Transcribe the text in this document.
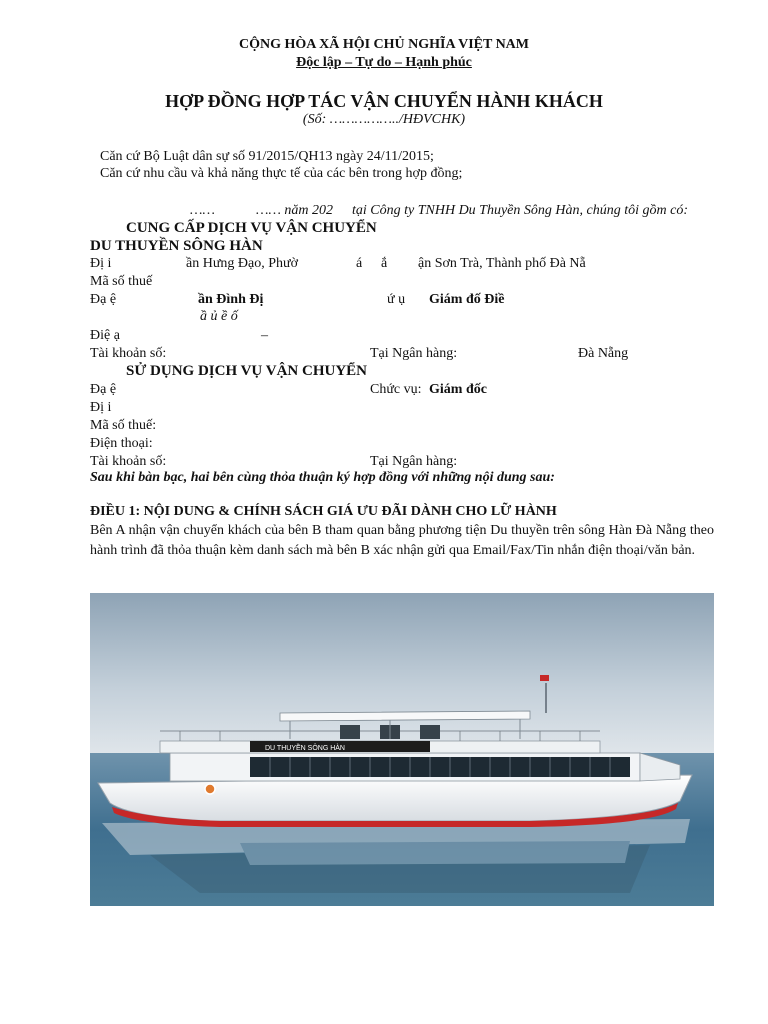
CỘNG HÒA XÃ HỘI CHỦ NGHĨA VIỆT NAM
Độc lập – Tự do – Hạnh phúc
HỢP ĐỒNG HỢP TÁC VẬN CHUYỂN HÀNH KHÁCH
(Số: ……………../HĐVCHK)
Căn cứ Bộ Luật dân sự số 91/2015/QH13 ngày 24/11/2015;
Căn cứ nhu cầu và khả năng thực tế của các bên trong hợp đồng;
……	…… năm 202 tại Công ty TNHH Du Thuyền Sông Hàn, chúng tôi gồm có:
CUNG CẤP DỊCH VỤ VẬN CHUYỂN
DU THUYỀN SÔNG HÀN
Đị i	ần Hưng Đạo, Phườ	á ắ ận Sơn Trà, Thành phố Đà Nẵ
Mã số thuế
Đạ ệ	ần Đình Đị	ứ ụ Giám đố Điề
ầ ủ ề ố
Điệ ạ	–
Tài khoản số:	Tại Ngân hàng:	Đà Nẵng
SỬ DỤNG DỊCH VỤ VẬN CHUYỂN
Đạ ệ	Chức vụ: Giám đốc
Đị i
Mã số thuế:
Điện thoại:
Tài khoản số:	Tại Ngân hàng:
Sau khi bàn bạc, hai bên cùng thỏa thuận ký hợp đồng với những nội dung sau:
ĐIỀU 1: NỘI DUNG & CHÍNH SÁCH GIÁ ƯU ĐÃI DÀNH CHO LỮ HÀNH
Bên A nhận vận chuyển khách của bên B tham quan bằng phương tiện Du thuyền trên sông Hàn Đà Nẵng theo hành trình đã thỏa thuận kèm danh sách mà bên B xác nhận gửi qua Email/Fax/Tin nhắn điện thoại/văn bản.
DU THUYỀN SÔNG HÀN
